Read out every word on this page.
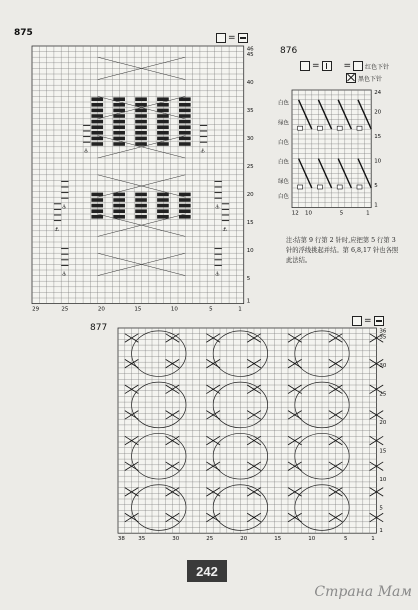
875	=
⚓
⚓
⚓
⚓
⚓
⚓
⚓	⚓
29	25	20	15	10	5	1
46
45
40
35
30
25
20
15
10
5
1
876
=	= 红色下针
黑色下针
白色
绿色
白色
白色
绿色
白色
24
20
15
10
5
1
12 10	5	1
注:结第 9 行第 2 针时,应把第 5 行第 3 针的浮线挑起并结。第 6,8,17 针也各照此法结。
877
=
38 35	30	25	20	15	10	5	1
36
35
30
25
20
15
10
5
1
242
Страна Мам
